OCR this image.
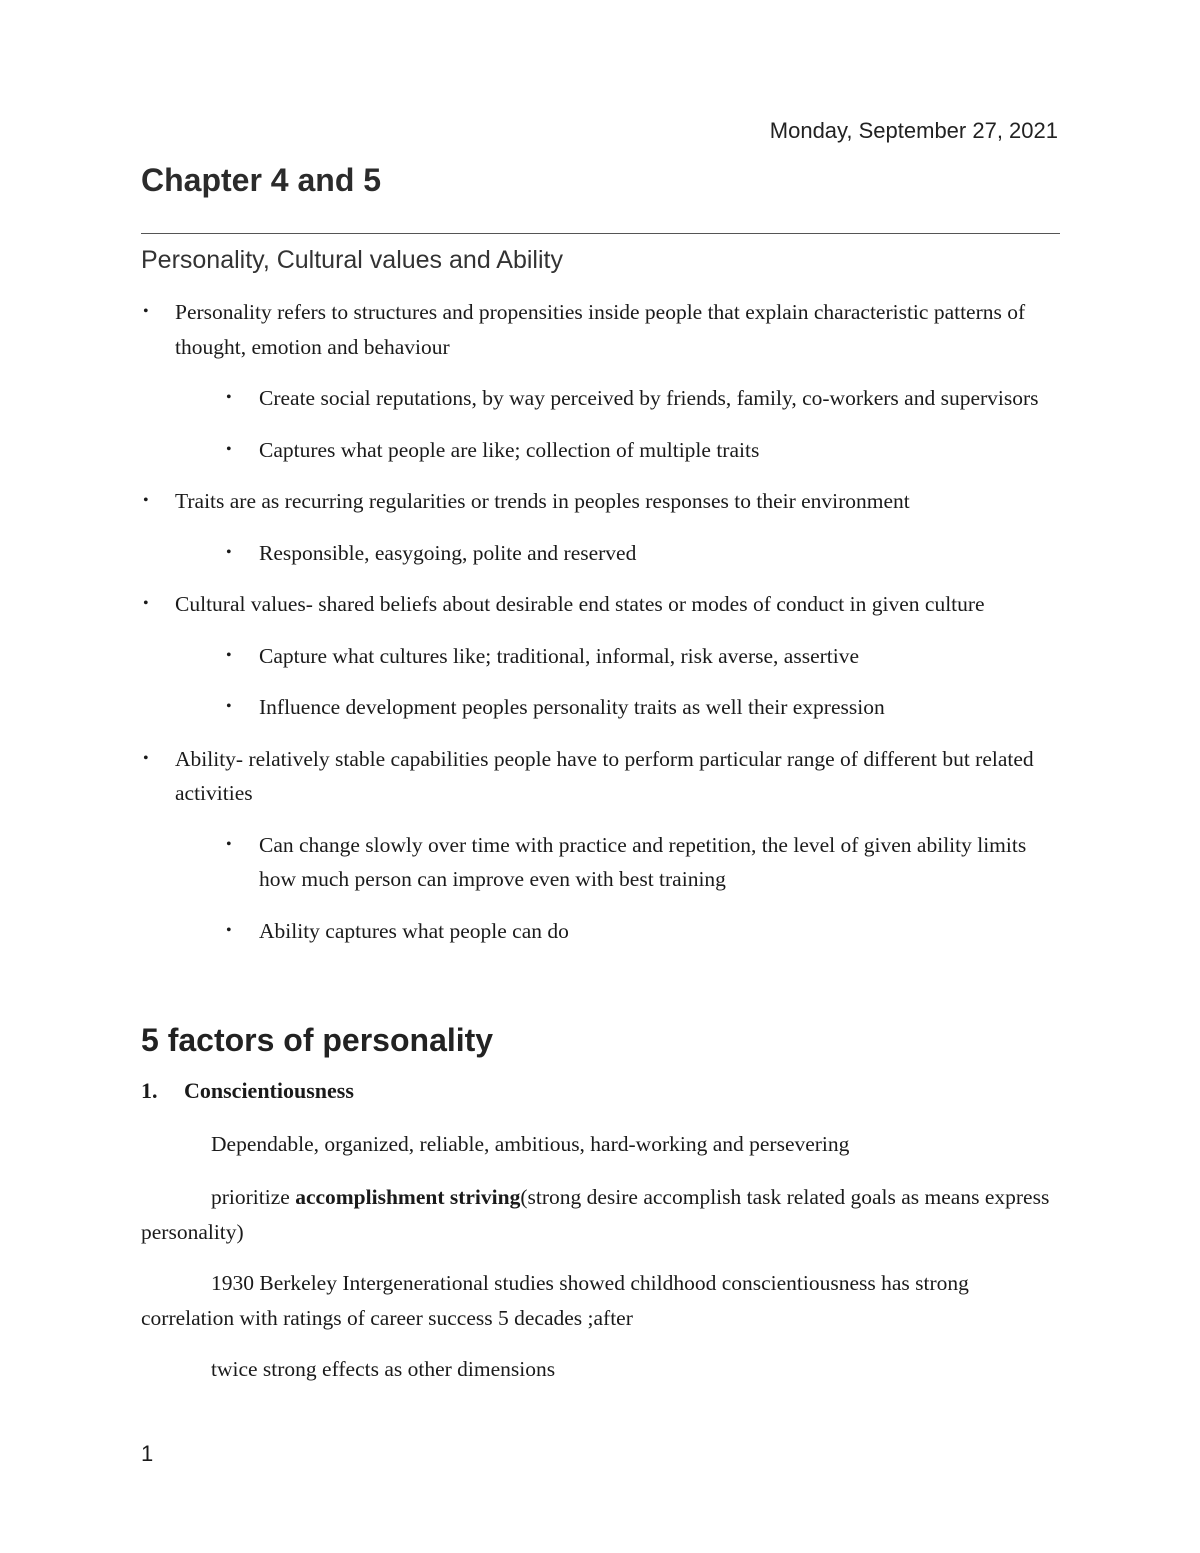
Monday, September 27, 2021
Chapter 4 and 5
Personality, Cultural values and Ability
• Personality refers to structures and propensities inside people that explain characteristic patterns of thought, emotion and behaviour
• Create social reputations, by way perceived by friends, family, co-workers and supervisors
• Captures what people are like; collection of multiple traits
• Traits are as recurring regularities or trends in peoples responses to their environment
• Responsible, easygoing, polite and reserved
• Cultural values- shared beliefs about desirable end states or modes of conduct in given culture
• Capture what cultures like; traditional, informal, risk averse, assertive
• Influence development peoples personality traits as well their expression
• Ability- relatively stable capabilities people have to perform particular range of different but related activities
• Can change slowly over time with practice and repetition, the level of given ability limits how much person can improve even with best training
• Ability captures what people can do
5 factors of personality
1. Conscientiousness
Dependable, organized, reliable, ambitious, hard-working and persevering
prioritize accomplishment striving(strong desire accomplish task related goals as means express personality)
1930 Berkeley Intergenerational studies showed childhood conscientiousness has strong correlation with ratings of career success 5 decades ;after
twice strong effects as other dimensions
1
